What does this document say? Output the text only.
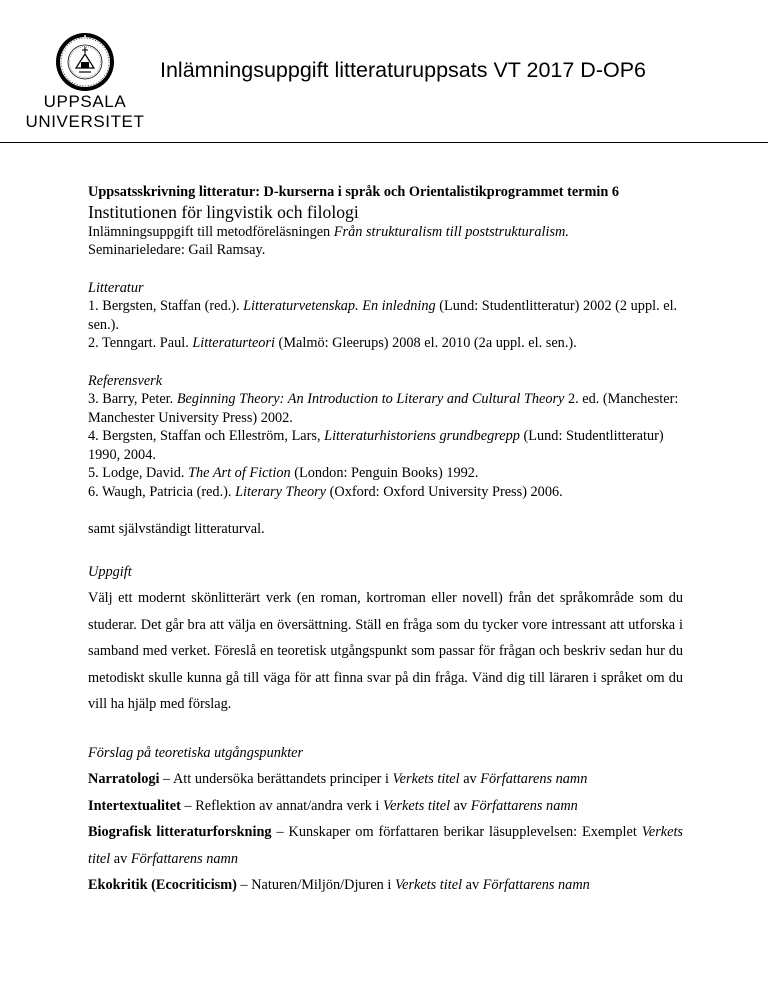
UPPSALA
UNIVERSITET
Inlämningsuppgift litteraturuppsats VT 2017 D-OP6

Uppsatsskrivning litteratur: D-kurserna i språk och Orientalistikprogrammet termin 6

Institutionen för lingvistik och filologi

Inlämningsuppgift till metodföreläsningen Från strukturalism till poststrukturalism.

Seminarieledare: Gail Ramsay.

Litteratur

1. Bergsten, Staffan (red.). Litteraturvetenskap. En inledning (Lund: Studentlitteratur) 2002 (2 uppl. el. sen.).

2. Tenngart. Paul. Litteraturteori (Malmö: Gleerups) 2008 el. 2010 (2a uppl. el. sen.).

Referensverk

3. Barry, Peter. Beginning Theory: An Introduction to Literary and Cultural Theory 2. ed. (Manchester: Manchester University Press) 2002.

4. Bergsten, Staffan och Elleström, Lars, Litteraturhistoriens grundbegrepp (Lund: Studentlitteratur) 1990, 2004.

5. Lodge, David. The Art of Fiction (London: Penguin Books) 1992.

6. Waugh, Patricia (red.). Literary Theory (Oxford: Oxford University Press) 2006.

samt självständigt litteraturval.

Uppgift

Välj ett modernt skönlitterärt verk (en roman, kortroman eller novell) från det språkområde som du studerar. Det går bra att välja en översättning. Ställ en fråga som du tycker vore intressant att utforska i samband med verket. Föreslå en teoretisk utgångspunkt som passar för frågan och beskriv sedan hur du metodiskt skulle kunna gå till väga för att finna svar på din fråga. Vänd dig till läraren i språket om du vill ha hjälp med förslag.

Förslag på teoretiska utgångspunkter

Narratologi – Att undersöka berättandets principer i Verkets titel av Författarens namn

Intertextualitet – Reflektion av annat/andra verk i Verkets titel av Författarens namn

Biografisk litteraturforskning – Kunskaper om författaren berikar läsupplevelsen: Exemplet Verkets titel av Författarens namn

Ekokritik (Ecocriticism) – Naturen/Miljön/Djuren i Verkets titel av Författarens namn
